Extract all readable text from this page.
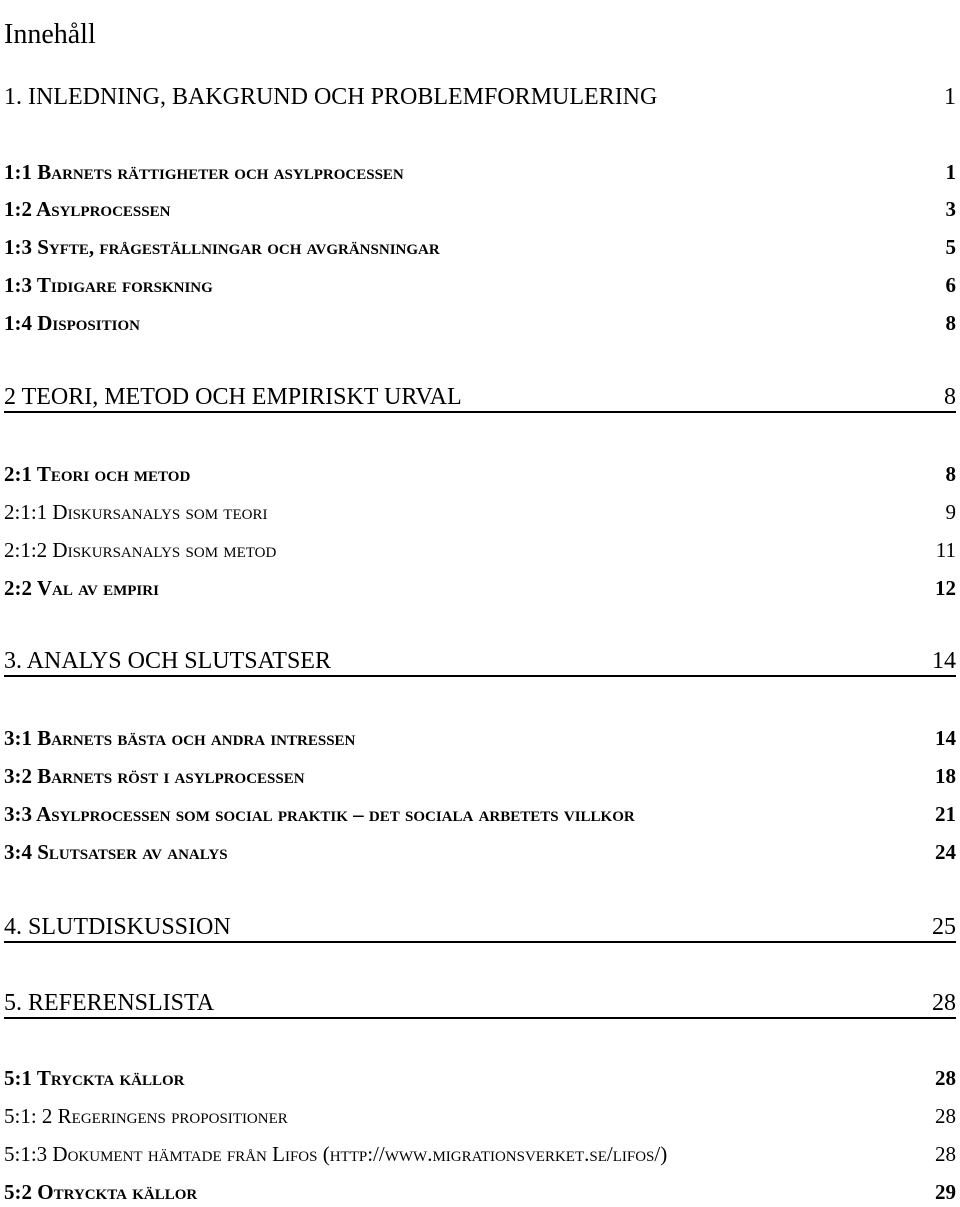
Innehåll
1. INLEDNING, BAKGRUND OCH PROBLEMFORMULERING	1
1:1 Barnets rättigheter och asylprocessen	1
1:2 Asylprocessen	3
1:3 Syfte, frågeställningar och avgränsningar	5
1:3 Tidigare forskning	6
1:4 Disposition	8
2 TEORI, METOD OCH EMPIRISKT URVAL	8
2:1 Teori och metod	8
2:1:1 Diskursanalys som teori	9
2:1:2 Diskursanalys som metod	11
2:2 Val av empiri	12
3. ANALYS OCH SLUTSATSER	14
3:1 Barnets bästa och andra intressen	14
3:2 Barnets röst i asylprocessen	18
3:3 Asylprocessen som social praktik – det sociala arbetets villkor	21
3:4 Slutsatser av analys	24
4. SLUTDISKUSSION	25
5. REFERENSLISTA	28
5:1 Tryckta källor	28
5:1: 2 Regeringens propositioner	28
5:1:3 Dokument hämtade från Lifos (http://www.migrationsverket.se/lifos/)	28
5:2 Otryckta källor	29
